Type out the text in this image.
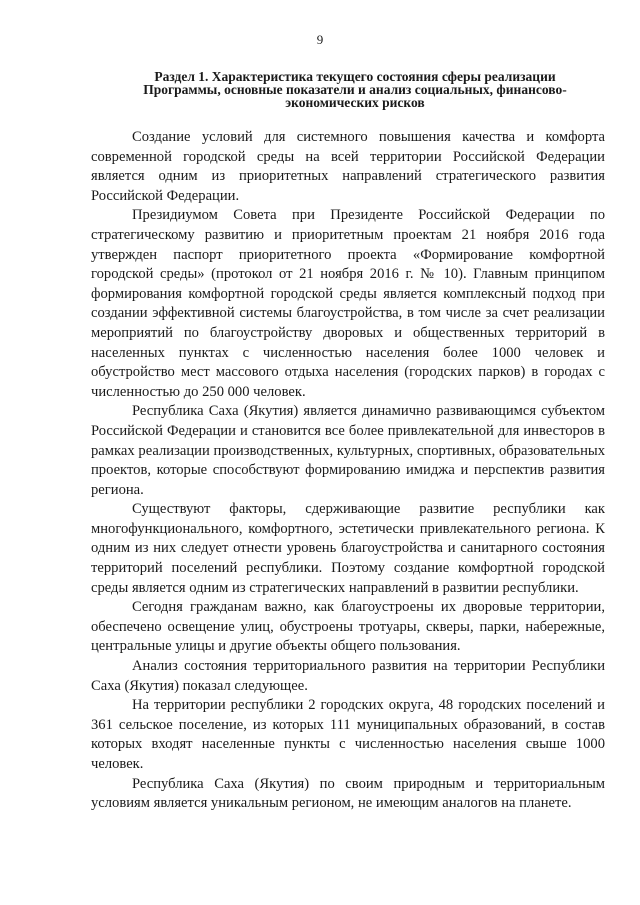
9
Раздел 1. Характеристика текущего состояния сферы реализации
Программы, основные показатели и анализ социальных, финансово-
экономических рисков

Создание условий для системного повышения качества и комфорта современной городской среды на всей территории Российской Федерации является одним из приоритетных направлений стратегического развития Российской Федерации.

Президиумом Совета при Президенте Российской Федерации по стратегическому развитию и приоритетным проектам 21 ноября 2016 года утвержден паспорт приоритетного проекта «Формирование комфортной городской среды» (протокол от 21 ноября 2016 г. № 10). Главным принципом формирования комфортной городской среды является комплексный подход при создании эффективной системы благоустройства, в том числе за счет реализации мероприятий по благоустройству дворовых и общественных территорий в населенных пунктах с численностью населения более 1000 человек и обустройство мест массового отдыха населения (городских парков) в городах с численностью до 250 000 человек.

Республика Саха (Якутия) является динамично развивающимся субъектом Российской Федерации и становится все более привлекательной для инвесторов в рамках реализации производственных, культурных, спортивных, образовательных проектов, которые способствуют формированию имиджа и перспектив развития региона.

Существуют факторы, сдерживающие развитие республики как многофункционального, комфортного, эстетически привлекательного региона. К одним из них следует отнести уровень благоустройства и санитарного состояния территорий поселений республики. Поэтому создание комфортной городской среды является одним из стратегических направлений в развитии республики.

Сегодня гражданам важно, как благоустроены их дворовые территории, обеспечено освещение улиц, обустроены тротуары, скверы, парки, набережные, центральные улицы и другие объекты общего пользования.

Анализ состояния территориального развития на территории Республики Саха (Якутия) показал следующее.

На территории республики 2 городских округа, 48 городских поселений и 361 сельское поселение, из которых 111 муниципальных образований, в состав которых входят населенные пункты с численностью населения свыше 1000 человек.

Республика Саха (Якутия) по своим природным и территориальным условиям является уникальным регионом, не имеющим аналогов на планете.
